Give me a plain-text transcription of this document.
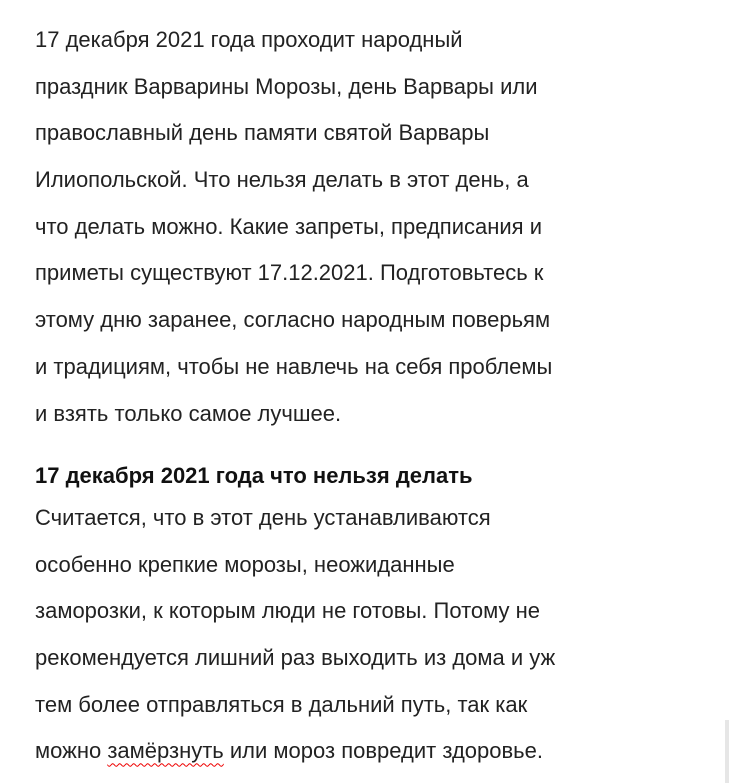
17 декабря 2021 года проходит народный
праздник Варварины Морозы, день Варвары или
православный день памяти святой Варвары
Илиопольской. Что нельзя делать в этот день, а
что делать можно. Какие запреты, предписания и
приметы существуют 17.12.2021. Подготовьтесь к
этому дню заранее, согласно народным поверьям
и традициям, чтобы не навлечь на себя проблемы
и взять только самое лучшее.
17 декабря 2021 года что нельзя делать
Считается, что в этот день устанавливаются
особенно крепкие морозы, неожиданные
заморозки, к которым люди не готовы. Потому не
рекомендуется лишний раз выходить из дома и уж
тем более отправляться в дальний путь, так как
можно замёрзнуть или мороз повредит здоровье.
